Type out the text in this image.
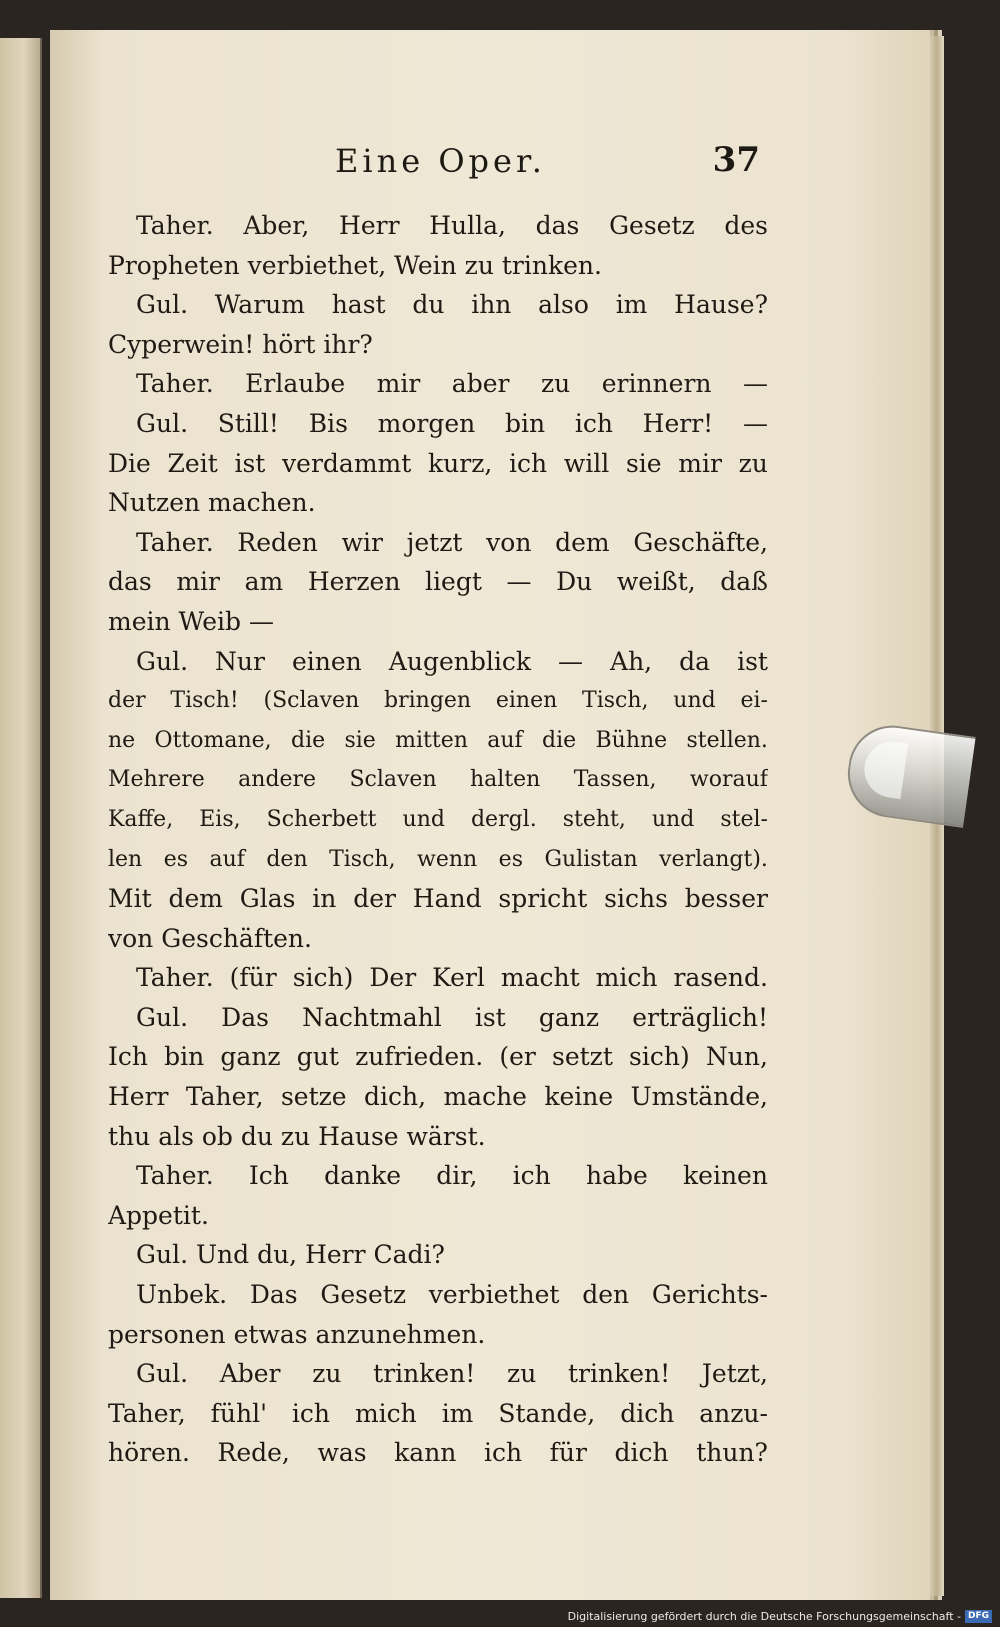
Eine Oper.	37
Taher. Aber, Herr Hulla, das Gesetz des
Propheten verbiethet, Wein zu trinken.
Gul. Warum hast du ihn also im Hause?
Cyperwein! hört ihr?
Taher. Erlaube mir aber zu erinnern —
Gul. Still! Bis morgen bin ich Herr! —
Die Zeit ist verdammt kurz, ich will sie mir zu
Nutzen machen.
Taher. Reden wir jetzt von dem Geschäfte,
das mir am Herzen liegt — Du weißt, daß
mein Weib —
Gul. Nur einen Augenblick — Ah, da ist
der Tisch! (Sclaven bringen einen Tisch, und ei-
ne Ottomane, die sie mitten auf die Bühne stellen.
Mehrere andere Sclaven halten Tassen, worauf
Kaffe, Eis, Scherbett und dergl. steht, und stel-
len es auf den Tisch, wenn es Gulistan verlangt).
Mit dem Glas in der Hand spricht sichs besser
von Geschäften.
Taher. (für sich) Der Kerl macht mich rasend.
Gul. Das Nachtmahl ist ganz erträglich!
Ich bin ganz gut zufrieden. (er setzt sich) Nun,
Herr Taher, setze dich, mache keine Umstände,
thu als ob du zu Hause wärst.
Taher. Ich danke dir, ich habe keinen
Appetit.
Gul. Und du, Herr Cadi?
Unbek. Das Gesetz verbiethet den Gerichts-
personen etwas anzunehmen.
Gul. Aber zu trinken! zu trinken! Jetzt,
Taher, fühl' ich mich im Stande, dich anzu-
hören. Rede, was kann ich für dich thun?
Digitalisierung gefördert durch die Deutsche Forschungsgemeinschaft - DFG
